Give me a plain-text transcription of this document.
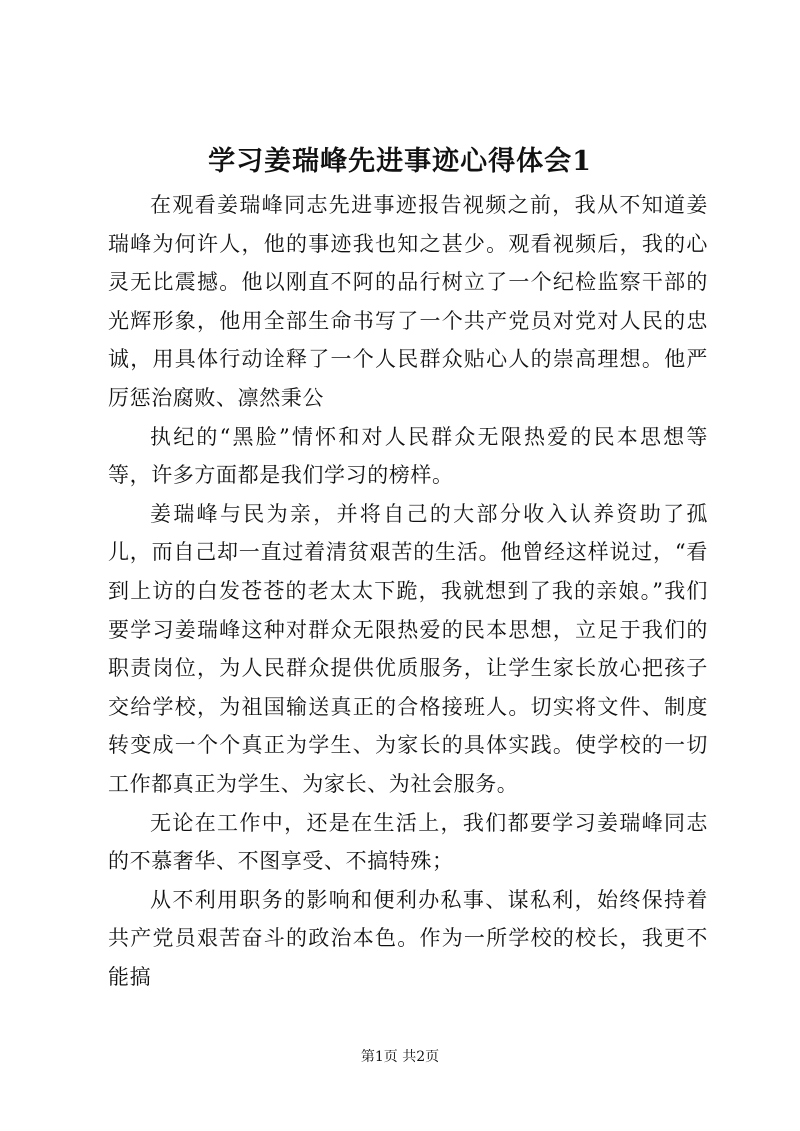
学习姜瑞峰先进事迹心得体会1

在观看姜瑞峰同志先进事迹报告视频之前，我从不知道姜瑞峰为何许人，他的事迹我也知之甚少。观看视频后，我的心灵无比震撼。他以刚直不阿的品行树立了一个纪检监察干部的光辉形象，他用全部生命书写了一个共产党员对党对人民的忠诚，用具体行动诠释了一个人民群众贴心人的崇高理想。他严厉惩治腐败、凛然秉公

执纪的“黑脸”情怀和对人民群众无限热爱的民本思想等等，许多方面都是我们学习的榜样。

姜瑞峰与民为亲，并将自己的大部分收入认养资助了孤儿，而自己却一直过着清贫艰苦的生活。他曾经这样说过，“看到上访的白发苍苍的老太太下跪，我就想到了我的亲娘。”我们要学习姜瑞峰这种对群众无限热爱的民本思想，立足于我们的职责岗位，为人民群众提供优质服务，让学生家长放心把孩子交给学校，为祖国输送真正的合格接班人。切实将文件、制度转变成一个个真正为学生、为家长的具体实践。使学校的一切工作都真正为学生、为家长、为社会服务。

无论在工作中，还是在生活上，我们都要学习姜瑞峰同志的不慕奢华、不图享受、不搞特殊；

从不利用职务的影响和便利办私事、谋私利，始终保持着共产党员艰苦奋斗的政治本色。作为一所学校的校长，我更不能搞

第1页 共2页
